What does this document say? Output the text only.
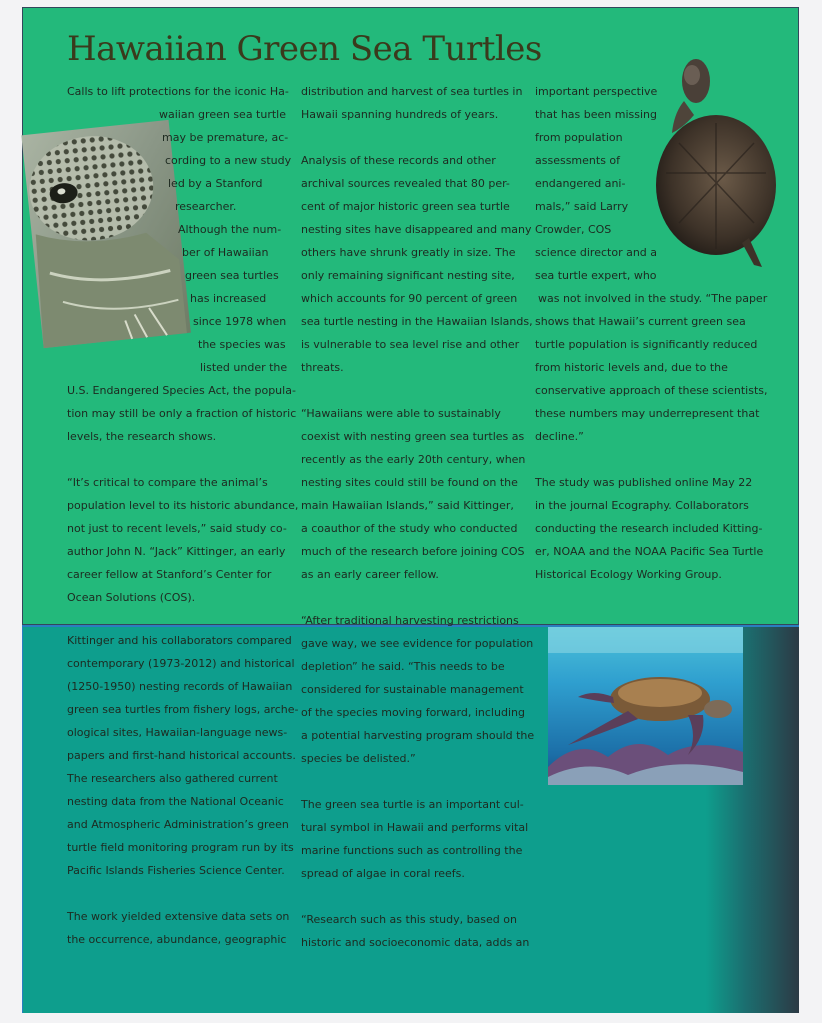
Hawaiian Green Sea Turtles
Calls to lift protections for the iconic Ha-
waiian green sea turtle
may be premature, ac-
cording to a new study
led by a Stanford
researcher.
Although the num-
ber of Hawaiian
green sea turtles
has increased
since 1978 when
the species was
listed under the
U.S. Endangered Species Act, the popula-
tion may still be only a fraction of historic
levels, the research shows.
“It’s critical to compare the animal’s
population level to its historic abundance,
not just to recent levels,” said study co-
author John N. “Jack” Kittinger, an early
career fellow at Stanford’s Center for
Ocean Solutions (COS).
Kittinger and his collaborators compared
contemporary (1973-2012) and historical
(1250-1950) nesting records of Hawaiian
green sea turtles from fishery logs, arche-
ological sites, Hawaiian-language news-
papers and first-hand historical accounts.
The researchers also gathered current
nesting data from the National Oceanic
and Atmospheric Administration’s green
turtle field monitoring program run by its
Pacific Islands Fisheries Science Center.
The work yielded extensive data sets on
the occurrence, abundance, geographic
distribution and harvest of sea turtles in
Hawaii spanning hundreds of years.
Analysis of these records and other
archival sources revealed that 80 per-
cent of major historic green sea turtle
nesting sites have disappeared and many
others have shrunk greatly in size. The
only remaining significant nesting site,
which accounts for 90 percent of green
sea turtle nesting in the Hawaiian Islands,
is vulnerable to sea level rise and other
threats.
“Hawaiians were able to sustainably
coexist with nesting green sea turtles as
recently as the early 20th century, when
nesting sites could still be found on the
main Hawaiian Islands,” said Kittinger,
a coauthor of the study who conducted
much of the research before joining COS
as an early career fellow.
“After traditional harvesting restrictions
gave way, we see evidence for population
depletion” he said. “This needs to be
considered for sustainable management
of the species moving forward, including
a potential harvesting program should the
species be delisted.”
The green sea turtle is an important cul-
tural symbol in Hawaii and performs vital
marine functions such as controlling the
spread of algae in coral reefs.
“Research such as this study, based on
historic and socioeconomic data, adds an
important perspective
that has been missing
from population
assessments of
endangered ani-
mals,” said Larry
Crowder, COS
science director and a
sea turtle expert, who
was not involved in the study. “The paper
shows that Hawaii’s current green sea
turtle population is significantly reduced
from historic levels and, due to the
conservative approach of these scientists,
these numbers may underrepresent that
decline.”
The study was published online May 22
in the journal Ecography. Collaborators
conducting the research included Kitting-
er, NOAA and the NOAA Pacific Sea Turtle
Historical Ecology Working Group.
